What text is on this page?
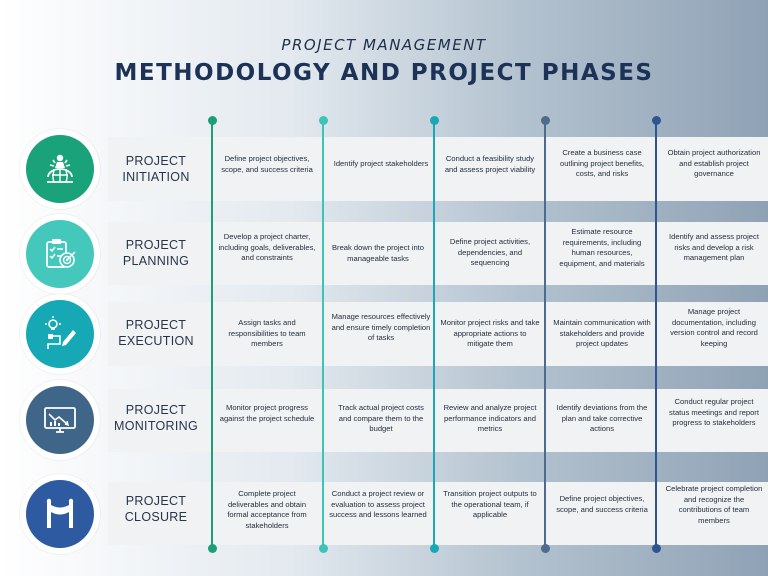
PROJECT MANAGEMENT
METHODOLOGY AND PROJECT PHASES
PROJECT
INITIATION
PROJECT
PLANNING
PROJECT
EXECUTION
PROJECT
MONITORING
PROJECT
CLOSURE
Define project objectives, scope, and success criteria
Identify project stakeholders
Conduct a feasibility study and assess project viability
Create a business case outlining project benefits, costs, and risks
Obtain project authorization and establish project governance
Develop a project charter, including goals, deliverables, and constraints
Break down the project into manageable tasks
Define project activities, dependencies, and sequencing
Estimate resource requirements, including human resources, equipment, and materials
Identify and assess project risks and develop a risk management plan
Assign tasks and responsibilities to team members
Manage resources effectively and ensure timely completion of tasks
Monitor project risks and take appropriate actions to mitigate them
Maintain communication with stakeholders and provide project updates
Manage project documentation, including version control and record keeping
Monitor project progress against the project schedule
Track actual project costs and compare them to the budget
Review and analyze project performance indicators and metrics
Identify deviations from the plan and take corrective actions
Conduct regular project status meetings and report progress to stakeholders
Complete project deliverables and obtain formal acceptance from stakeholders
Conduct a project review or evaluation to assess project success and lessons learned
Transition project outputs to the operational team, if applicable
Define project objectives, scope, and success criteria
Celebrate project completion and recognize the contributions of team members
